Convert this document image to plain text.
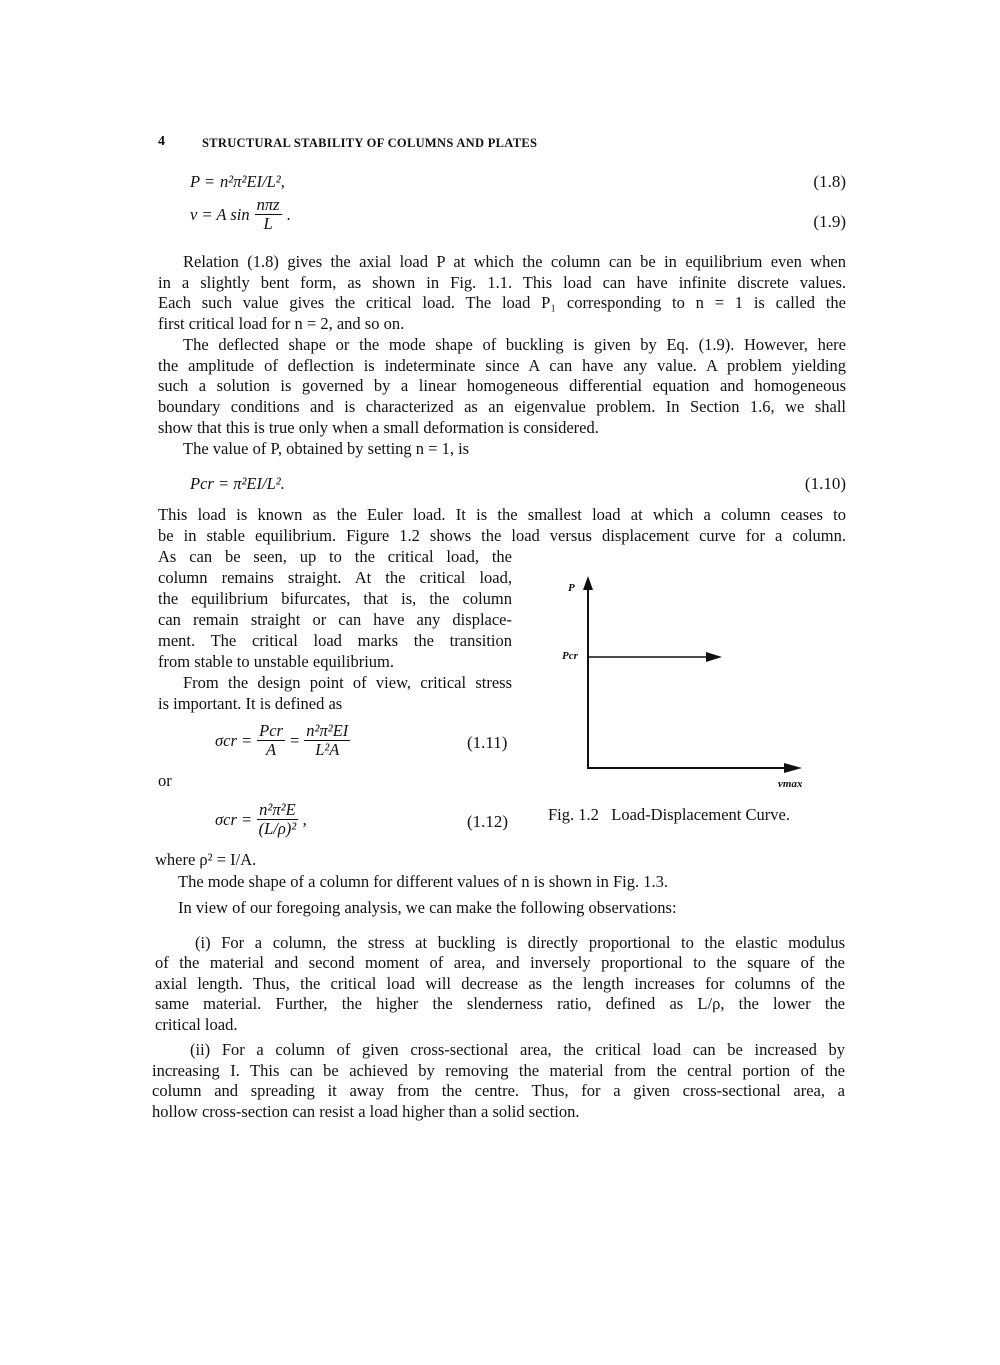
4	STRUCTURAL STABILITY OF COLUMNS AND PLATES
P = n²π²EI/L²,	(1.8)
v = A $\sin \frac{\text{nπz}}{L}$ .	(1.9)
Pcr = π²EI/L².	(1.10)
$\sigma cr = \frac{\text{Pcr}}{A} = \frac{\text{n²π²EI}}{\text{L²A}}$	(1.11)
$\sigma cr = \frac{\text{n²π²E}}{\text{(L/ρ)²}}$ ,	(1.12)
P
Pcr
vmax
Fig. 1.2   Load-Displacement Curve.
Relation (1.8) gives the axial load P at which the column can be in equilibrium even when
in a slightly bent form, as shown in Fig. 1.1. This load can have infinite discrete values.
Each such value gives the critical load. The load P₁ corresponding to n = 1 is called the
first critical load for n = 2, and so on.
The deflected shape or the mode shape of buckling is given by Eq. (1.9). However, here
the amplitude of deflection is indeterminate since A can have any value. A problem yielding
such a solution is governed by a linear homogeneous differential equation and homogeneous
boundary conditions and is characterized as an eigenvalue problem. In Section 1.6, we shall
show that this is true only when a small deformation is considered.
The value of P, obtained by setting n = 1, is
This load is known as the Euler load. It is the smallest load at which a column ceases to
be in stable equilibrium. Figure 1.2 shows the load versus displacement curve for a column.
As can be seen, up to the critical load, the
column remains straight. At the critical load,
the equilibrium bifurcates, that is, the column
can remain straight or can have any displace-
ment. The critical load marks the transition
from stable to unstable equilibrium.
From the design point of view, critical stress
is important. It is defined as
or
where ρ² = I/A.
The mode shape of a column for different values of n is shown in Fig. 1.3.
In view of our foregoing analysis, we can make the following observations:
(i) For a column, the stress at buckling is directly proportional to the elastic modulus
of the material and second moment of area, and inversely proportional to the square of the
axial length. Thus, the critical load will decrease as the length increases for columns of the
same material. Further, the higher the slenderness ratio, defined as L/ρ, the lower the
critical load.
(ii) For a column of given cross-sectional area, the critical load can be increased by
increasing I. This can be achieved by removing the material from the central portion of the
column and spreading it away from the centre. Thus, for a given cross-sectional area, a
hollow cross-section can resist a load higher than a solid section.
